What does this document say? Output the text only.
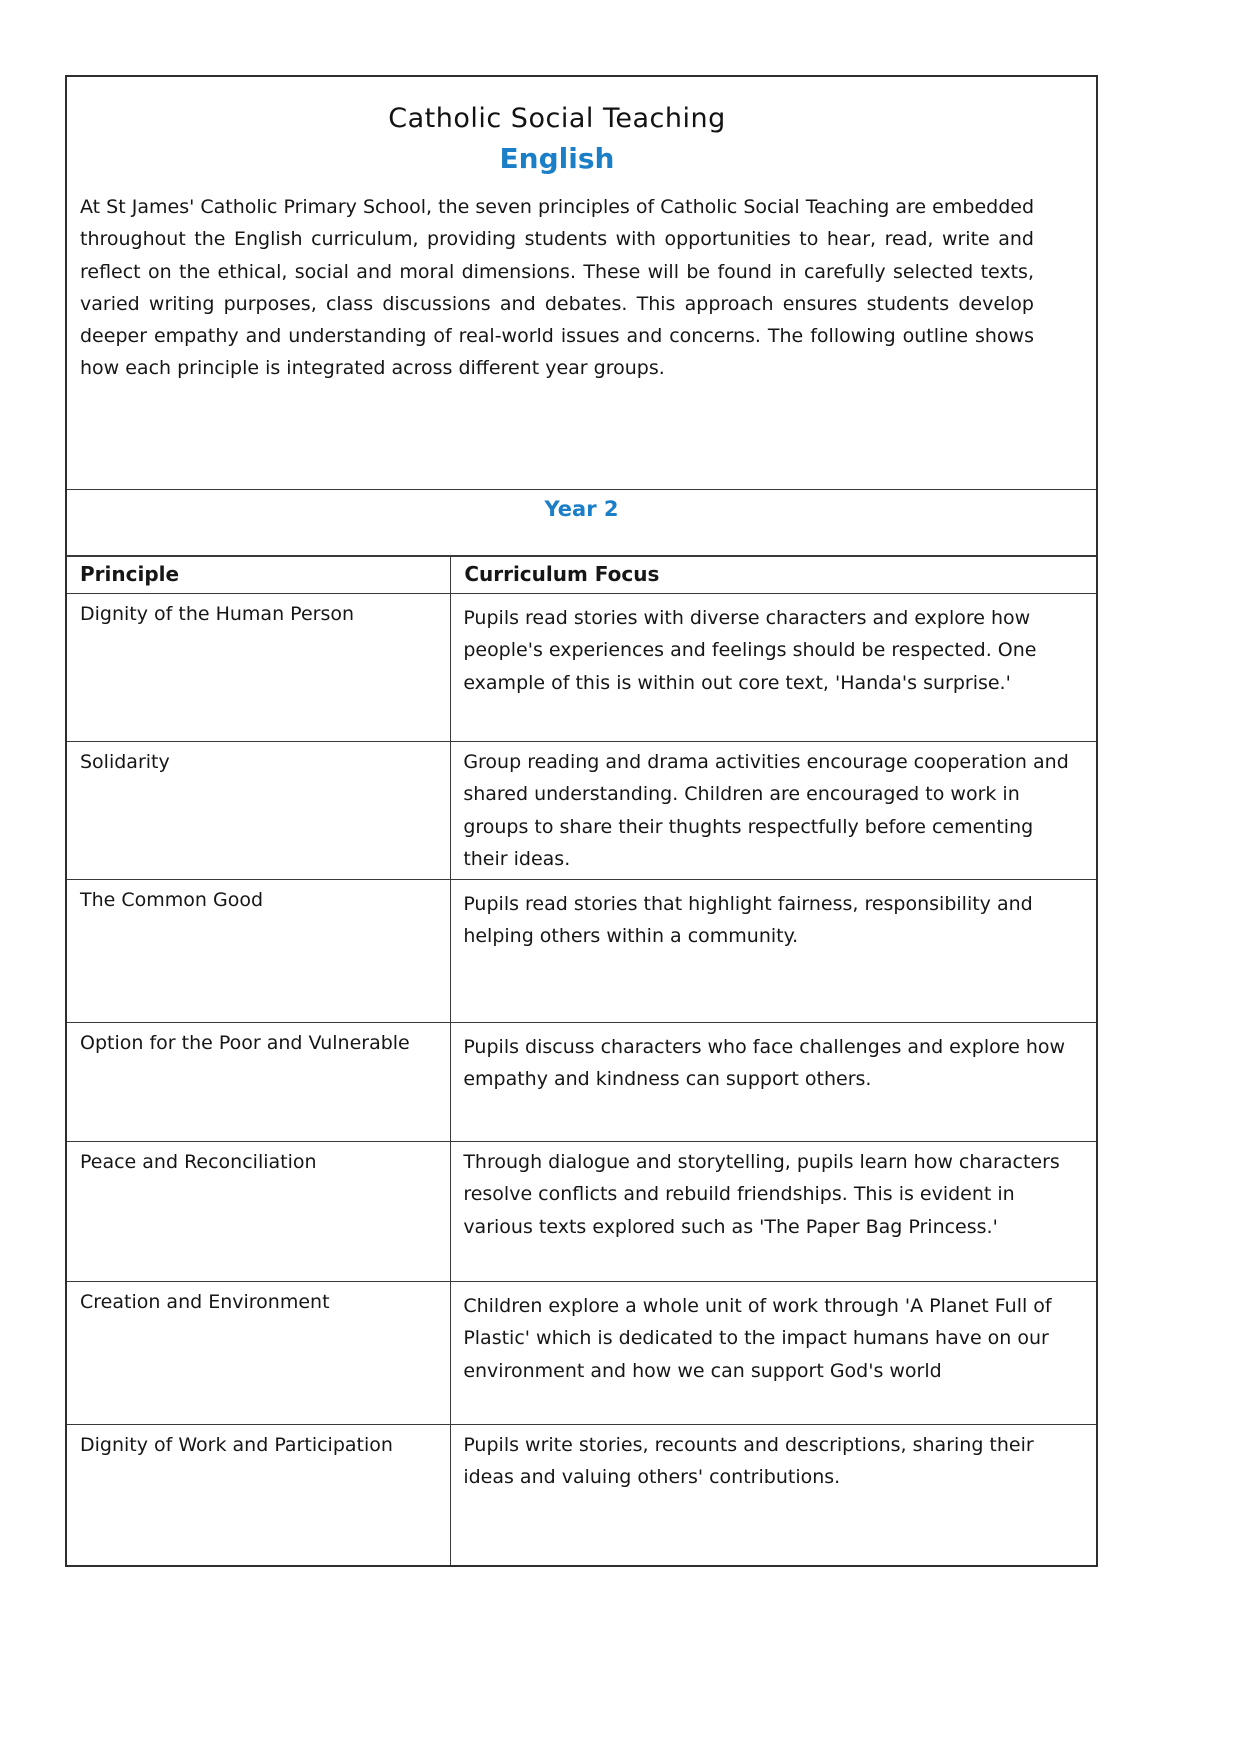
Catholic Social Teaching
English

At St James' Catholic Primary School, the seven principles of Catholic Social Teaching are embedded throughout the English curriculum, providing students with opportunities to hear, read, write and reflect on the ethical, social and moral dimensions. These will be found in carefully selected texts, varied writing purposes, class discussions and debates. This approach ensures students develop deeper empathy and understanding of real-world issues and concerns. The following outline shows how each principle is integrated across different year groups.

Year 2
Principle	Curriculum Focus
Dignity of the Human Person	Pupils read stories with diverse characters and explore how people's experiences and feelings should be respected. One example of this is within out core text, 'Handa's surprise.'
Solidarity	Group reading and drama activities encourage cooperation and shared understanding. Children are encouraged to work in groups to share their thughts respectfully before cementing their ideas.
The Common Good	Pupils read stories that highlight fairness, responsibility and helping others within a community.
Option for the Poor and Vulnerable	Pupils discuss characters who face challenges and explore how empathy and kindness can support others.
Peace and Reconciliation	Through dialogue and storytelling, pupils learn how characters resolve conflicts and rebuild friendships. This is evident in various texts explored such as 'The Paper Bag Princess.'
Creation and Environment	Children explore a whole unit of work through 'A Planet Full of Plastic' which is dedicated to the impact humans have on our environment and how we can support God's world
Dignity of Work and Participation	Pupils write stories, recounts and descriptions, sharing their ideas and valuing others' contributions.
